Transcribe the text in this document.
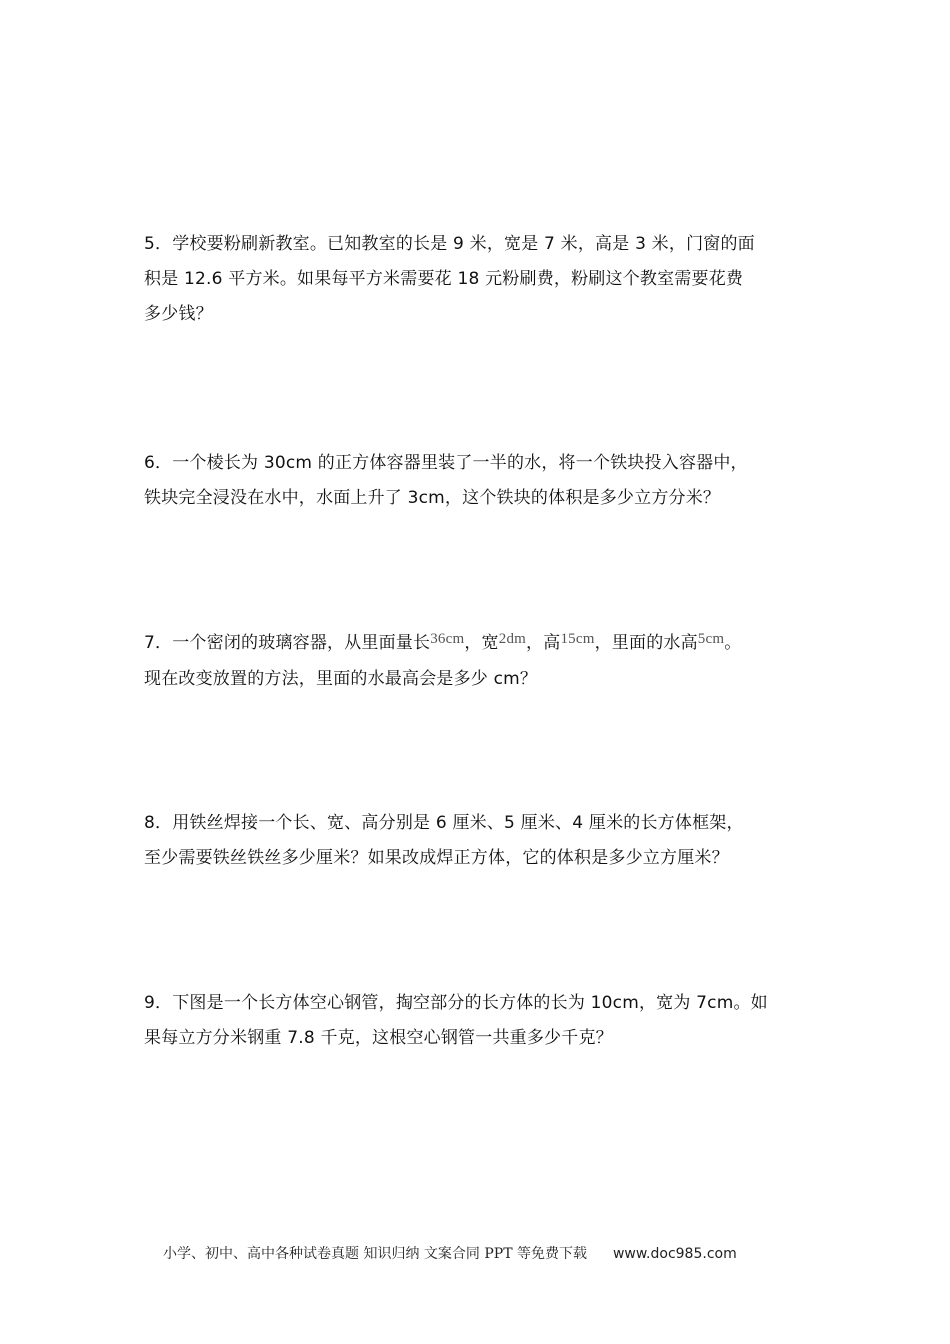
5．学校要粉刷新教室。已知教室的长是 9 米，宽是 7 米，高是 3 米，门窗的面
积是 12.6 平方米。如果每平方米需要花 18 元粉刷费，粉刷这个教室需要花费
多少钱？
6．一个棱长为 30cm 的正方体容器里装了一半的水，将一个铁块投入容器中，
铁块完全浸没在水中，水面上升了 3cm，这个铁块的体积是多少立方分米？
7．一个密闭的玻璃容器，从里面量长36cm，宽2dm，高15cm，里面的水高5cm。
现在改变放置的方法，里面的水最高会是多少 cm？
8．用铁丝焊接一个长、宽、高分别是 6 厘米、5 厘米、4 厘米的长方体框架，
至少需要铁丝铁丝多少厘米？如果改成焊正方体，它的体积是多少立方厘米？
9．下图是一个长方体空心钢管，掏空部分的长方体的长为 10cm，宽为 7cm。如
果每立方分米钢重 7.8 千克，这根空心钢管一共重多少千克？
小学、初中、高中各种试卷真题 知识归纳 文案合同 PPT 等免费下载 www.doc985.com
